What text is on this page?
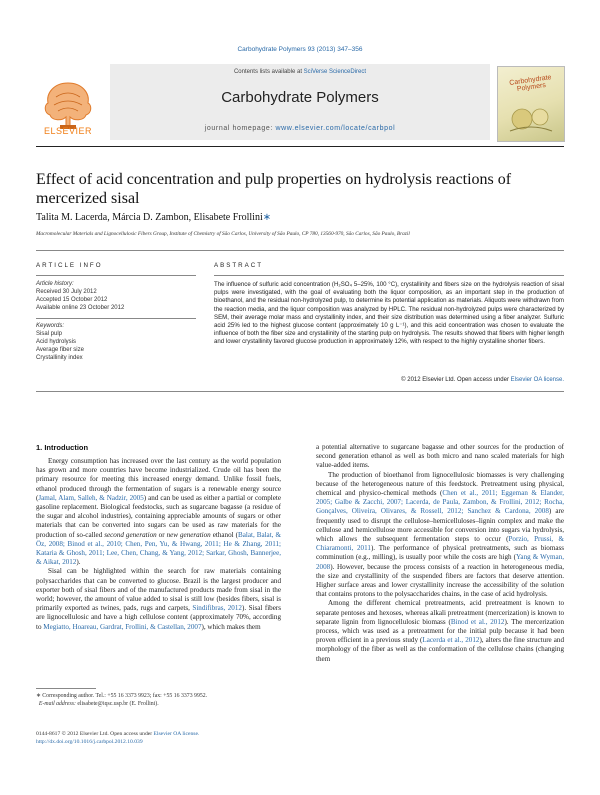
Carbohydrate Polymers 93 (2013) 347–356
ELSEVIER
Contents lists available at SciVerse ScienceDirect
Carbohydrate Polymers
journal homepage: www.elsevier.com/locate/carbpol
Carbohydrate Polymers
Effect of acid concentration and pulp properties on hydrolysis reactions of mercerized sisal
Talita M. Lacerda, Márcia D. Zambon, Elisabete Frollini∗
Macromolecular Materials and Lignocellulosic Fibers Group, Institute of Chemistry of São Carlos, University of São Paulo, CP 780, 13560-970, São Carlos, São Paulo, Brazil
ARTICLE INFO	ABSTRACT
Article history:
Received 30 July 2012
Accepted 15 October 2012
Available online 23 October 2012
Keywords:
Sisal pulp
Acid hydrolysis
Average fiber size
Crystallinity index
The influence of sulfuric acid concentration (H₂SO₄ 5–25%, 100 °C), crystallinity and fibers size on the hydrolysis reaction of sisal pulps were investigated, with the goal of evaluating both the liquor composition, as an important step in the production of bioethanol, and the residual non-hydrolyzed pulp, to determine its potential application as materials. Aliquots were withdrawn from the reaction media, and the liquor composition was analyzed by HPLC. The residual non-hydrolyzed pulps were characterized by SEM, their average molar mass and crystallinity index, and their size distribution was determined using a fiber analyzer. Sulfuric acid 25% led to the highest glucose content (approximately 10 g L⁻¹), and this acid concentration was chosen to evaluate the influence of both the fiber size and crystallinity of the starting pulp on hydrolysis. The results showed that fibers with higher length and lower crystallinity favored glucose production in approximately 12%, with respect to the highly crystalline shorter fibers.
© 2012 Elsevier Ltd. Open access under Elsevier OA license.
1. Introduction

Energy consumption has increased over the last century as the world population has grown and more countries have become industrialized. Crude oil has been the primary resource for meeting this increased energy demand. Unlike fossil fuels, ethanol produced through the fermentation of sugars is a renewable energy source (Jamal, Alam, Salleh, & Nadzir, 2005) and can be used as either a partial or complete gasoline replacement. Biological feedstocks, such as sugarcane bagasse (a residue of the sugar and alcohol industries), containing appreciable amounts of sugars or other materials that can be converted into sugars can be used as raw materials for the production of so-called second generation or new generation ethanol (Balat, Balat, & Öz, 2008; Binod et al., 2010; Chen, Pen, Yu, & Hwang, 2011; He & Zhang, 2011; Kataria & Ghosh, 2011; Lee, Chen, Chang, & Yang, 2012; Sarkar, Ghosh, Bannerjee, & Aikat, 2012).

Sisal can be highlighted within the search for raw materials containing polysaccharides that can be converted to glucose. Brazil is the largest producer and exporter both of sisal fibers and of the manufactured products made from sisal in the world; however, the amount of value added to sisal is still low (besides fibers, sisal is primarily exported as twines, pads, rugs and carpets, Sindifibras, 2012). Sisal fibers are lignocellulosic and have a high cellulose content (approximately 70%, according to Megiatto, Hoareau, Gardrat, Frollini, & Castellan, 2007), which makes them

a potential alternative to sugarcane bagasse and other sources for the production of second generation ethanol as well as both micro and nano scaled materials for high value-added items.

The production of bioethanol from lignocellulosic biomasses is very challenging because of the heterogeneous nature of this feedstock. Pretreatment using physical, chemical and physico-chemical methods (Chen et al., 2011; Eggeman & Elander, 2005; Galbe & Zacchi, 2007; Lacerda, de Paula, Zambon, & Frollini, 2012; Rocha, Gonçalves, Oliveira, Olivares, & Rossell, 2012; Sanchez & Cardona, 2008) are frequently used to disrupt the cellulose–hemicelluloses–lignin complex and make the cellulose and hemicellulose more accessible for conversion into sugars via hydrolysis, which allows the subsequent fermentation steps to occur (Porzio, Prussi, & Chiaramonti, 2011). The performance of physical pretreatments, such as biomass comminution (e.g., milling), is usually poor while the costs are high (Yang & Wyman, 2008). However, because the process consists of a reaction in heterogeneous media, the size and crystallinity of the suspended fibers are factors that deserve attention. Higher surface areas and lower crystallinity increase the accessibility of the solution that contains protons to the polysaccharides chains, in the case of acid hydrolysis.

Among the different chemical pretreatments, acid pretreatment is known to separate pentoses and hexoses, whereas alkali pretreatment (mercerization) is known to separate lignin from lignocellulosic biomass (Binod et al., 2012). The mercerization process, which was used as a pretreatment for the initial pulp because it had been proven efficient in a previous study (Lacerda et al., 2012), alters the fine structure and morphology of the fiber as well as the conformation of the cellulose chains (changing them

∗ Corresponding author. Tel.: +55 16 3373 9923; fax: +55 16 3373 9952.
E-mail address: elisabete@iqsc.usp.br (E. Frollini).
0144-8617 © 2012 Elsevier Ltd. Open access under Elsevier OA license.
http://dx.doi.org/10.1016/j.carbpol.2012.10.039
